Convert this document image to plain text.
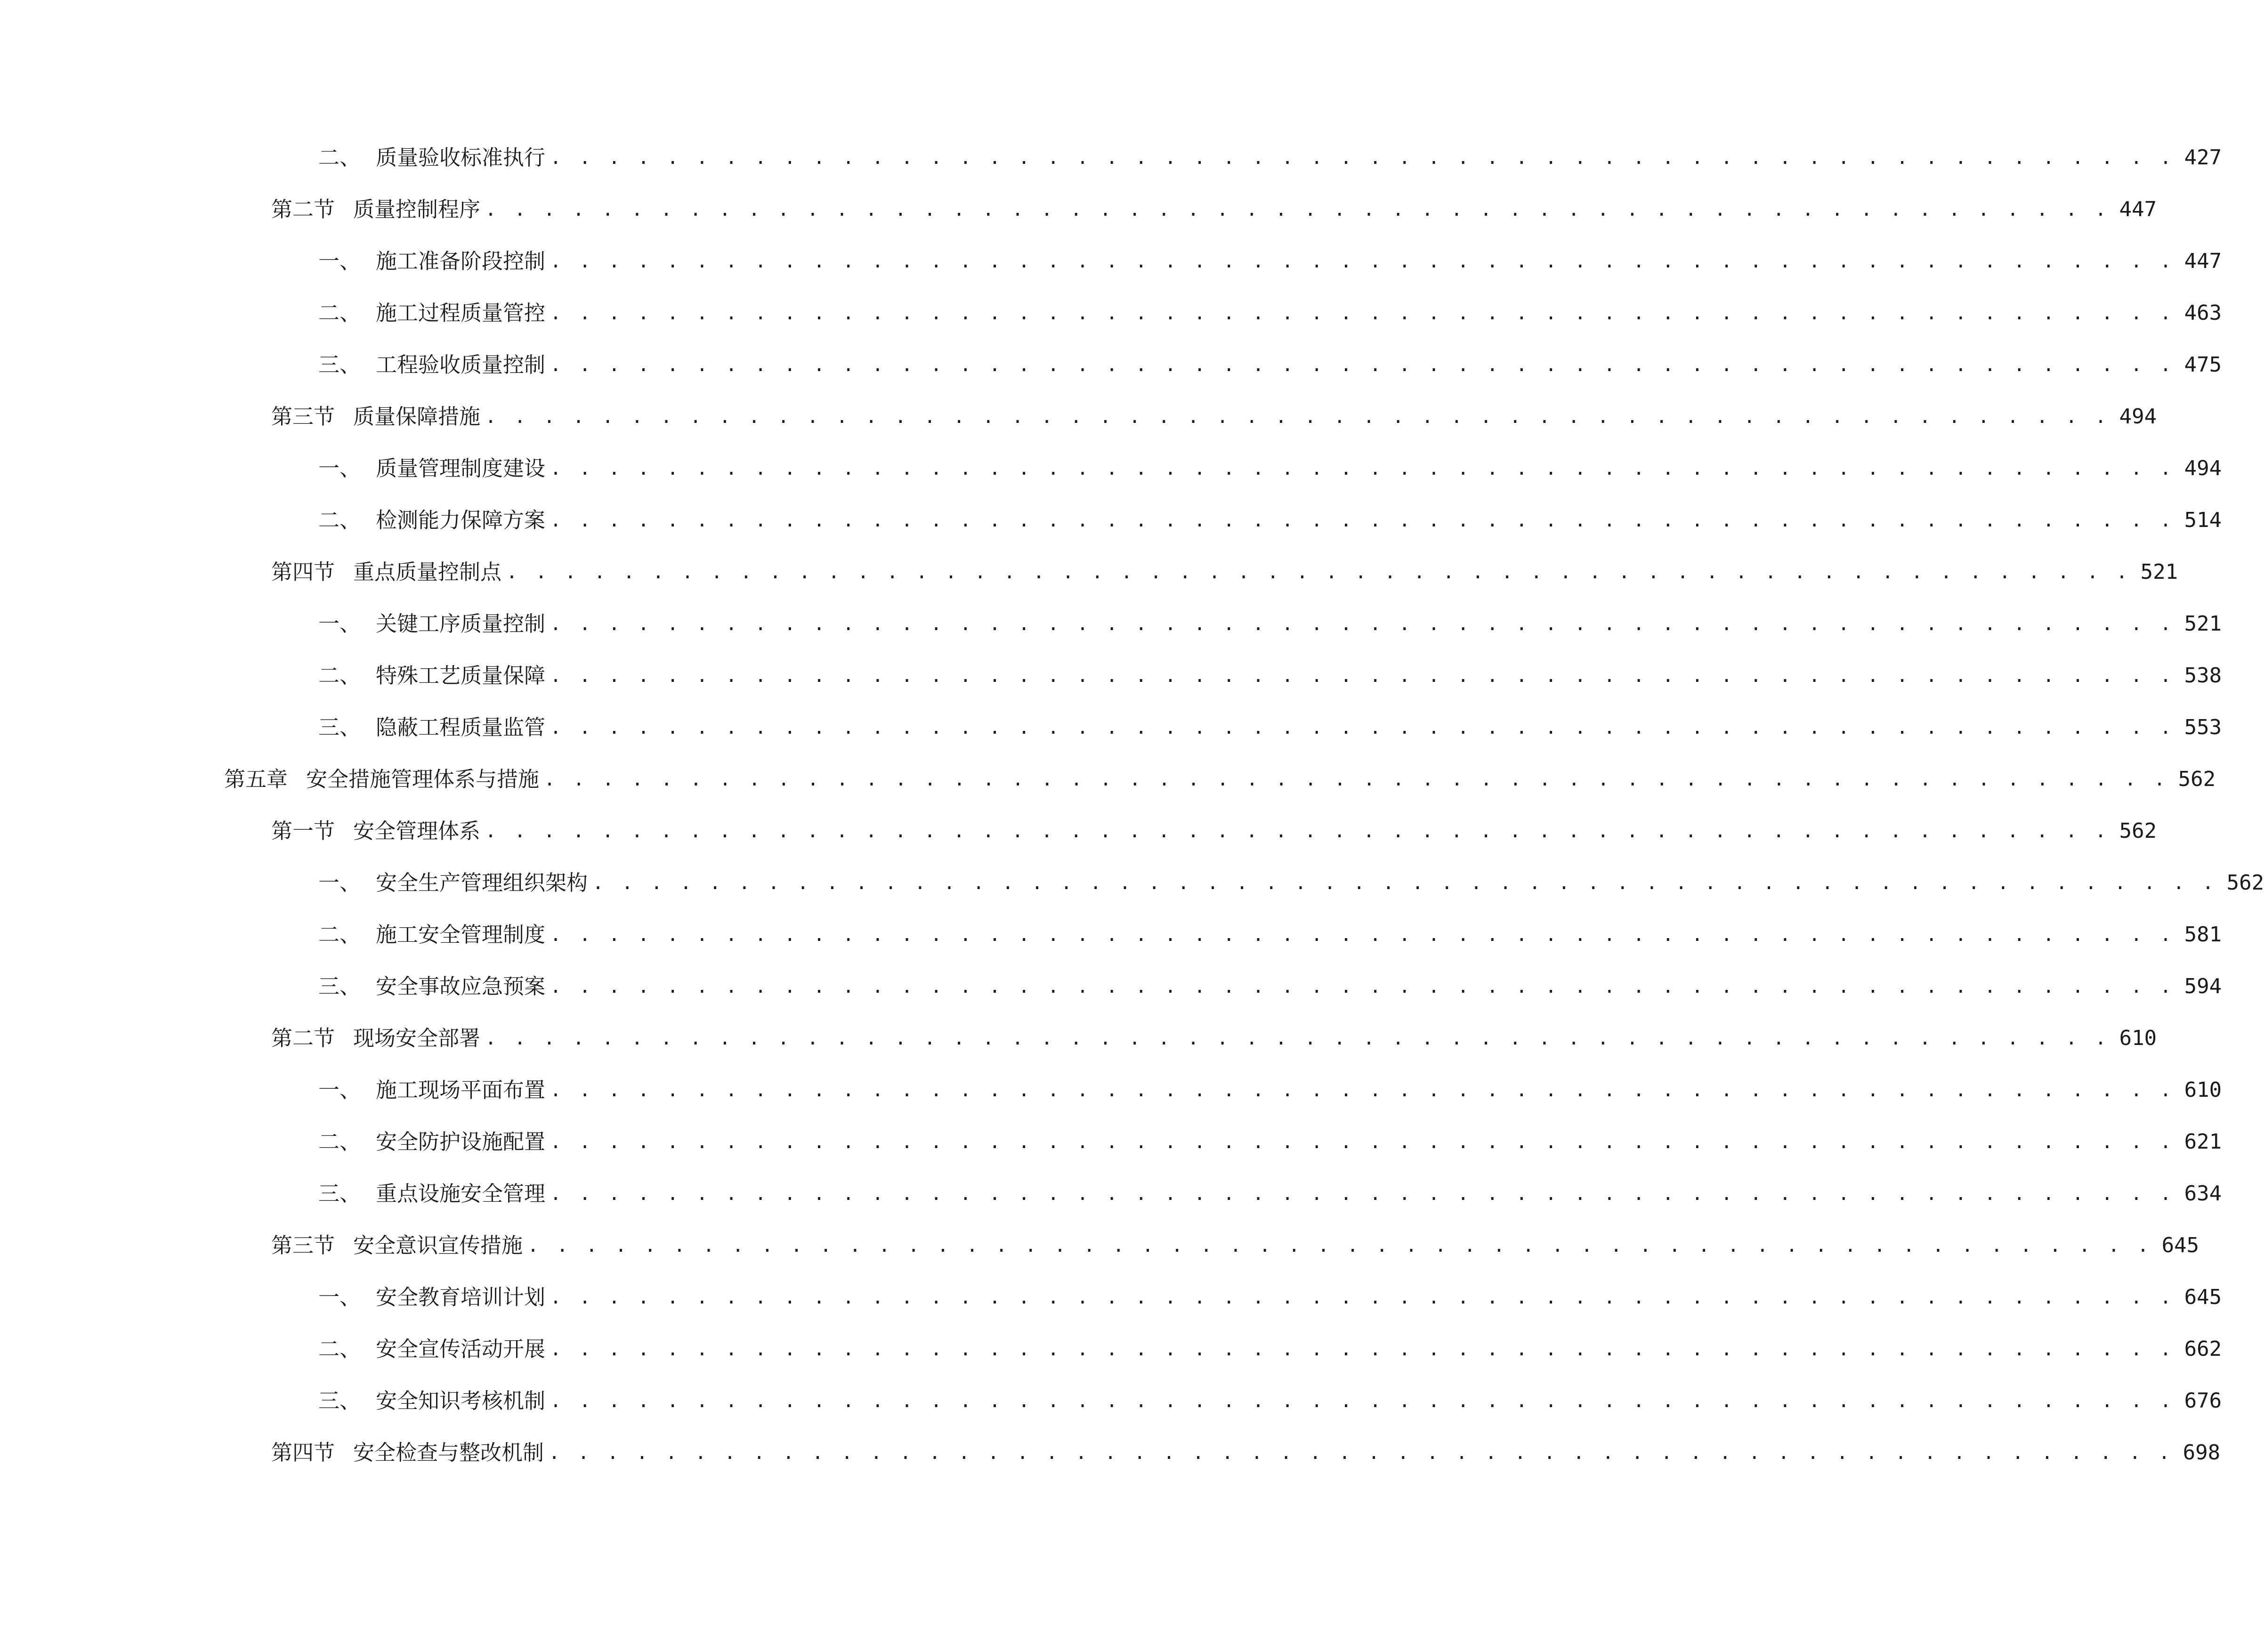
二、 质量验收标准执行 . . . . . . . . . . . . . . . . . . . . . . . . . . . . . . . . . . . . . . . . . . . . . . . . . . . . . . . . 427
第二节 质量控制程序 . . . . . . . . . . . . . . . . . . . . . . . . . . . . . . . . . . . . . . . . . . . . . . . . . . . . . . . . 447
一、 施工准备阶段控制 . . . . . . . . . . . . . . . . . . . . . . . . . . . . . . . . . . . . . . . . . . . . . . . . . . . . . . . . 447
二、 施工过程质量管控 . . . . . . . . . . . . . . . . . . . . . . . . . . . . . . . . . . . . . . . . . . . . . . . . . . . . . . . . 463
三、 工程验收质量控制 . . . . . . . . . . . . . . . . . . . . . . . . . . . . . . . . . . . . . . . . . . . . . . . . . . . . . . . . 475
第三节 质量保障措施 . . . . . . . . . . . . . . . . . . . . . . . . . . . . . . . . . . . . . . . . . . . . . . . . . . . . . . . . 494
一、 质量管理制度建设 . . . . . . . . . . . . . . . . . . . . . . . . . . . . . . . . . . . . . . . . . . . . . . . . . . . . . . . . 494
二、 检测能力保障方案 . . . . . . . . . . . . . . . . . . . . . . . . . . . . . . . . . . . . . . . . . . . . . . . . . . . . . . . . 514
第四节 重点质量控制点 . . . . . . . . . . . . . . . . . . . . . . . . . . . . . . . . . . . . . . . . . . . . . . . . . . . . . . . . 521
一、 关键工序质量控制 . . . . . . . . . . . . . . . . . . . . . . . . . . . . . . . . . . . . . . . . . . . . . . . . . . . . . . . . 521
二、 特殊工艺质量保障 . . . . . . . . . . . . . . . . . . . . . . . . . . . . . . . . . . . . . . . . . . . . . . . . . . . . . . . . 538
三、 隐蔽工程质量监管 . . . . . . . . . . . . . . . . . . . . . . . . . . . . . . . . . . . . . . . . . . . . . . . . . . . . . . . . 553
第五章 安全措施管理体系与措施 . . . . . . . . . . . . . . . . . . . . . . . . . . . . . . . . . . . . . . . . . . . . . . . . . . . . . . . . 562
第一节 安全管理体系 . . . . . . . . . . . . . . . . . . . . . . . . . . . . . . . . . . . . . . . . . . . . . . . . . . . . . . . . 562
一、 安全生产管理组织架构 . . . . . . . . . . . . . . . . . . . . . . . . . . . . . . . . . . . . . . . . . . . . . . . . . . . . . . . . 562
二、 施工安全管理制度 . . . . . . . . . . . . . . . . . . . . . . . . . . . . . . . . . . . . . . . . . . . . . . . . . . . . . . . . 581
三、 安全事故应急预案 . . . . . . . . . . . . . . . . . . . . . . . . . . . . . . . . . . . . . . . . . . . . . . . . . . . . . . . . 594
第二节 现场安全部署 . . . . . . . . . . . . . . . . . . . . . . . . . . . . . . . . . . . . . . . . . . . . . . . . . . . . . . . . 610
一、 施工现场平面布置 . . . . . . . . . . . . . . . . . . . . . . . . . . . . . . . . . . . . . . . . . . . . . . . . . . . . . . . . 610
二、 安全防护设施配置 . . . . . . . . . . . . . . . . . . . . . . . . . . . . . . . . . . . . . . . . . . . . . . . . . . . . . . . . 621
三、 重点设施安全管理 . . . . . . . . . . . . . . . . . . . . . . . . . . . . . . . . . . . . . . . . . . . . . . . . . . . . . . . . 634
第三节 安全意识宣传措施 . . . . . . . . . . . . . . . . . . . . . . . . . . . . . . . . . . . . . . . . . . . . . . . . . . . . . . . . 645
一、 安全教育培训计划 . . . . . . . . . . . . . . . . . . . . . . . . . . . . . . . . . . . . . . . . . . . . . . . . . . . . . . . . 645
二、 安全宣传活动开展 . . . . . . . . . . . . . . . . . . . . . . . . . . . . . . . . . . . . . . . . . . . . . . . . . . . . . . . . 662
三、 安全知识考核机制 . . . . . . . . . . . . . . . . . . . . . . . . . . . . . . . . . . . . . . . . . . . . . . . . . . . . . . . . 676
第四节 安全检查与整改机制 . . . . . . . . . . . . . . . . . . . . . . . . . . . . . . . . . . . . . . . . . . . . . . . . . . . . . . . . 698
